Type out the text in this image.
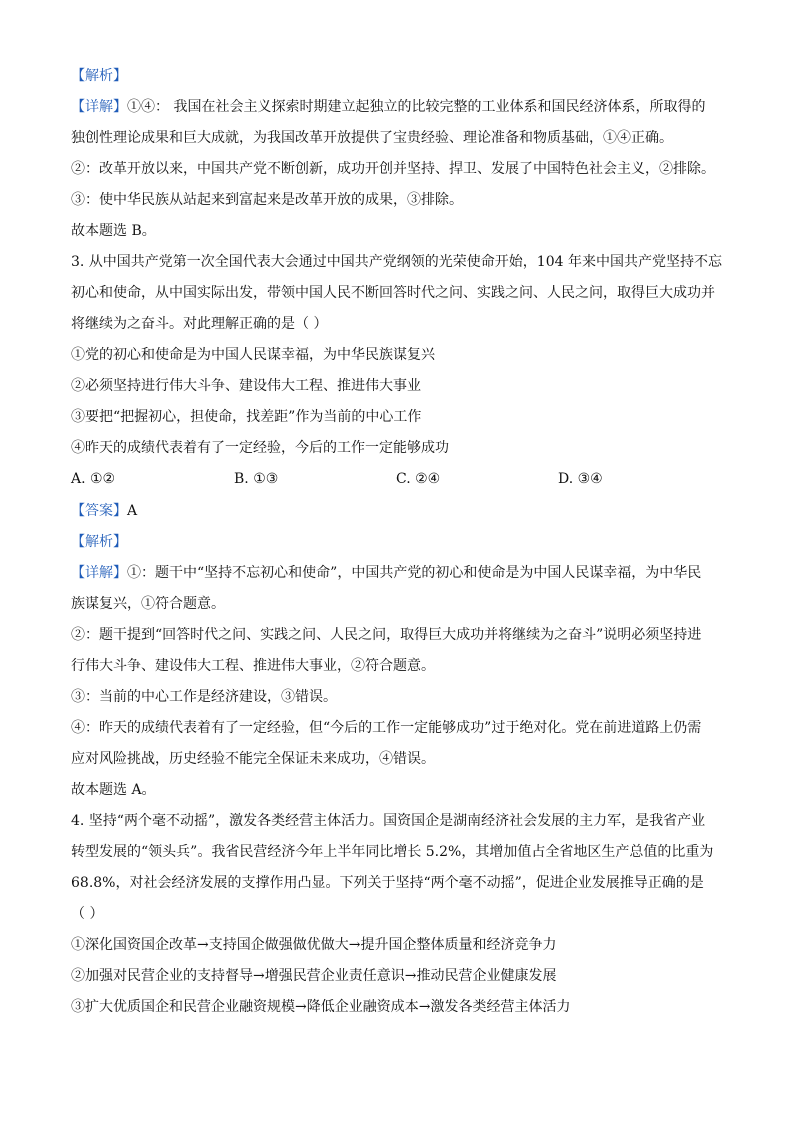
【解析】
【详解】①④： 我国在社会主义探索时期建立起独立的比较完整的工业体系和国民经济体系，所取得的
独创性理论成果和巨大成就，为我国改革开放提供了宝贵经验、理论准备和物质基础，①④正确。
②：改革开放以来，中国共产党不断创新，成功开创并坚持、捍卫、发展了中国特色社会主义，②排除。
③：使中华民族从站起来到富起来是改革开放的成果，③排除。
故本题选 B。
3. 从中国共产党第一次全国代表大会通过中国共产党纲领的光荣使命开始，104 年来中国共产党坚持不忘
初心和使命，从中国实际出发，带领中国人民不断回答时代之问、实践之问、人民之问，取得巨大成功并
将继续为之奋斗。对此理解正确的是（ ）
①党的初心和使命是为中国人民谋幸福，为中华民族谋复兴
②必须坚持进行伟大斗争、建设伟大工程、推进伟大事业
③要把“把握初心，担使命，找差距”作为当前的中心工作
④昨天的成绩代表着有了一定经验，今后的工作一定能够成功
A. ①②	B. ①③	C. ②④	D. ③④
【答案】A
【解析】
【详解】①：题干中“坚持不忘初心和使命”，中国共产党的初心和使命是为中国人民谋幸福，为中华民
族谋复兴，①符合题意。
②：题干提到“回答时代之问、实践之问、人民之问，取得巨大成功并将继续为之奋斗”说明必须坚持进
行伟大斗争、建设伟大工程、推进伟大事业，②符合题意。
③：当前的中心工作是经济建设，③错误。
④：昨天的成绩代表着有了一定经验，但“今后的工作一定能够成功”过于绝对化。党在前进道路上仍需
应对风险挑战，历史经验不能完全保证未来成功，④错误。
故本题选 A。
4. 坚持“两个毫不动摇”，激发各类经营主体活力。国资国企是湖南经济社会发展的主力军，是我省产业
转型发展的“领头兵”。我省民营经济今年上半年同比增长 5.2%，其增加值占全省地区生产总值的比重为
68.8%，对社会经济发展的支撑作用凸显。下列关于坚持“两个毫不动摇”，促进企业发展推导正确的是
（ ）
①深化国资国企改革→支持国企做强做优做大→提升国企整体质量和经济竞争力
②加强对民营企业的支持督导→增强民营企业责任意识→推动民营企业健康发展
③扩大优质国企和民营企业融资规模→降低企业融资成本→激发各类经营主体活力
